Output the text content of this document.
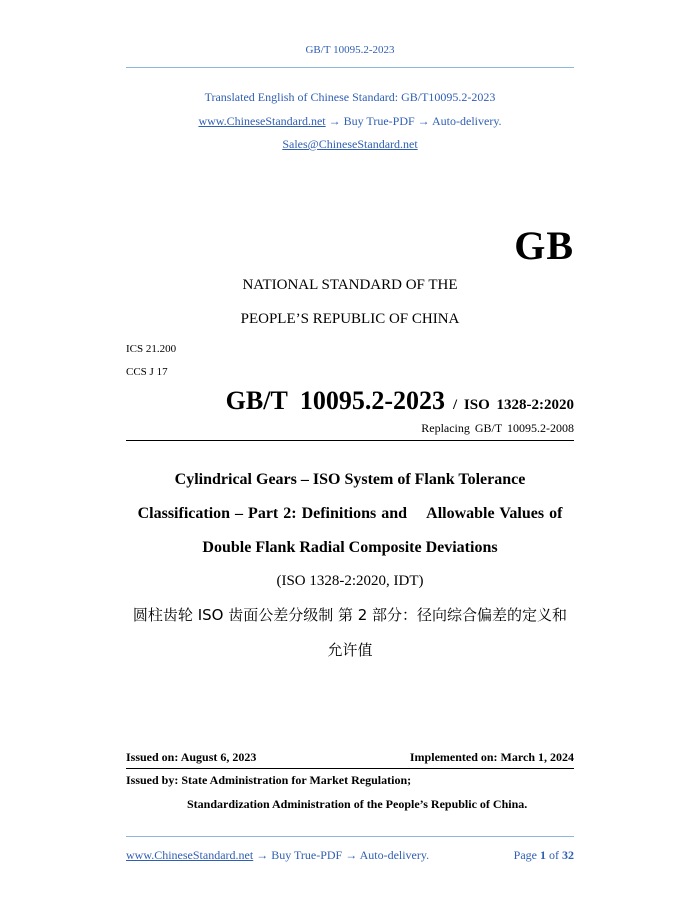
GB/T 10095.2-2023
Translated English of Chinese Standard: GB/T10095.2-2023
www.ChineseStandard.net → Buy True-PDF → Auto-delivery.
Sales@ChineseStandard.net
GB
NATIONAL STANDARD OF THE
PEOPLE’S REPUBLIC OF CHINA
ICS 21.200
CCS J 17
GB/T 10095.2-2023 / ISO 1328-2:2020
Replacing GB/T 10095.2-2008
Cylindrical Gears – ISO System of Flank Tolerance
Classification – Part 2: Definitions and    Allowable Values of
Double Flank Radial Composite Deviations
(ISO 1328-2:2020, IDT)
圆柱齿轮 ISO 齿面公差分级制 第 2 部分：径向综合偏差的定义和
允许值
Issued on: August 6, 2023	Implemented on: March 1, 2024
Issued by: State Administration for Market Regulation;
Standardization Administration of the People’s Republic of China.
www.ChineseStandard.net → Buy True-PDF → Auto-delivery.	Page 1 of 32
